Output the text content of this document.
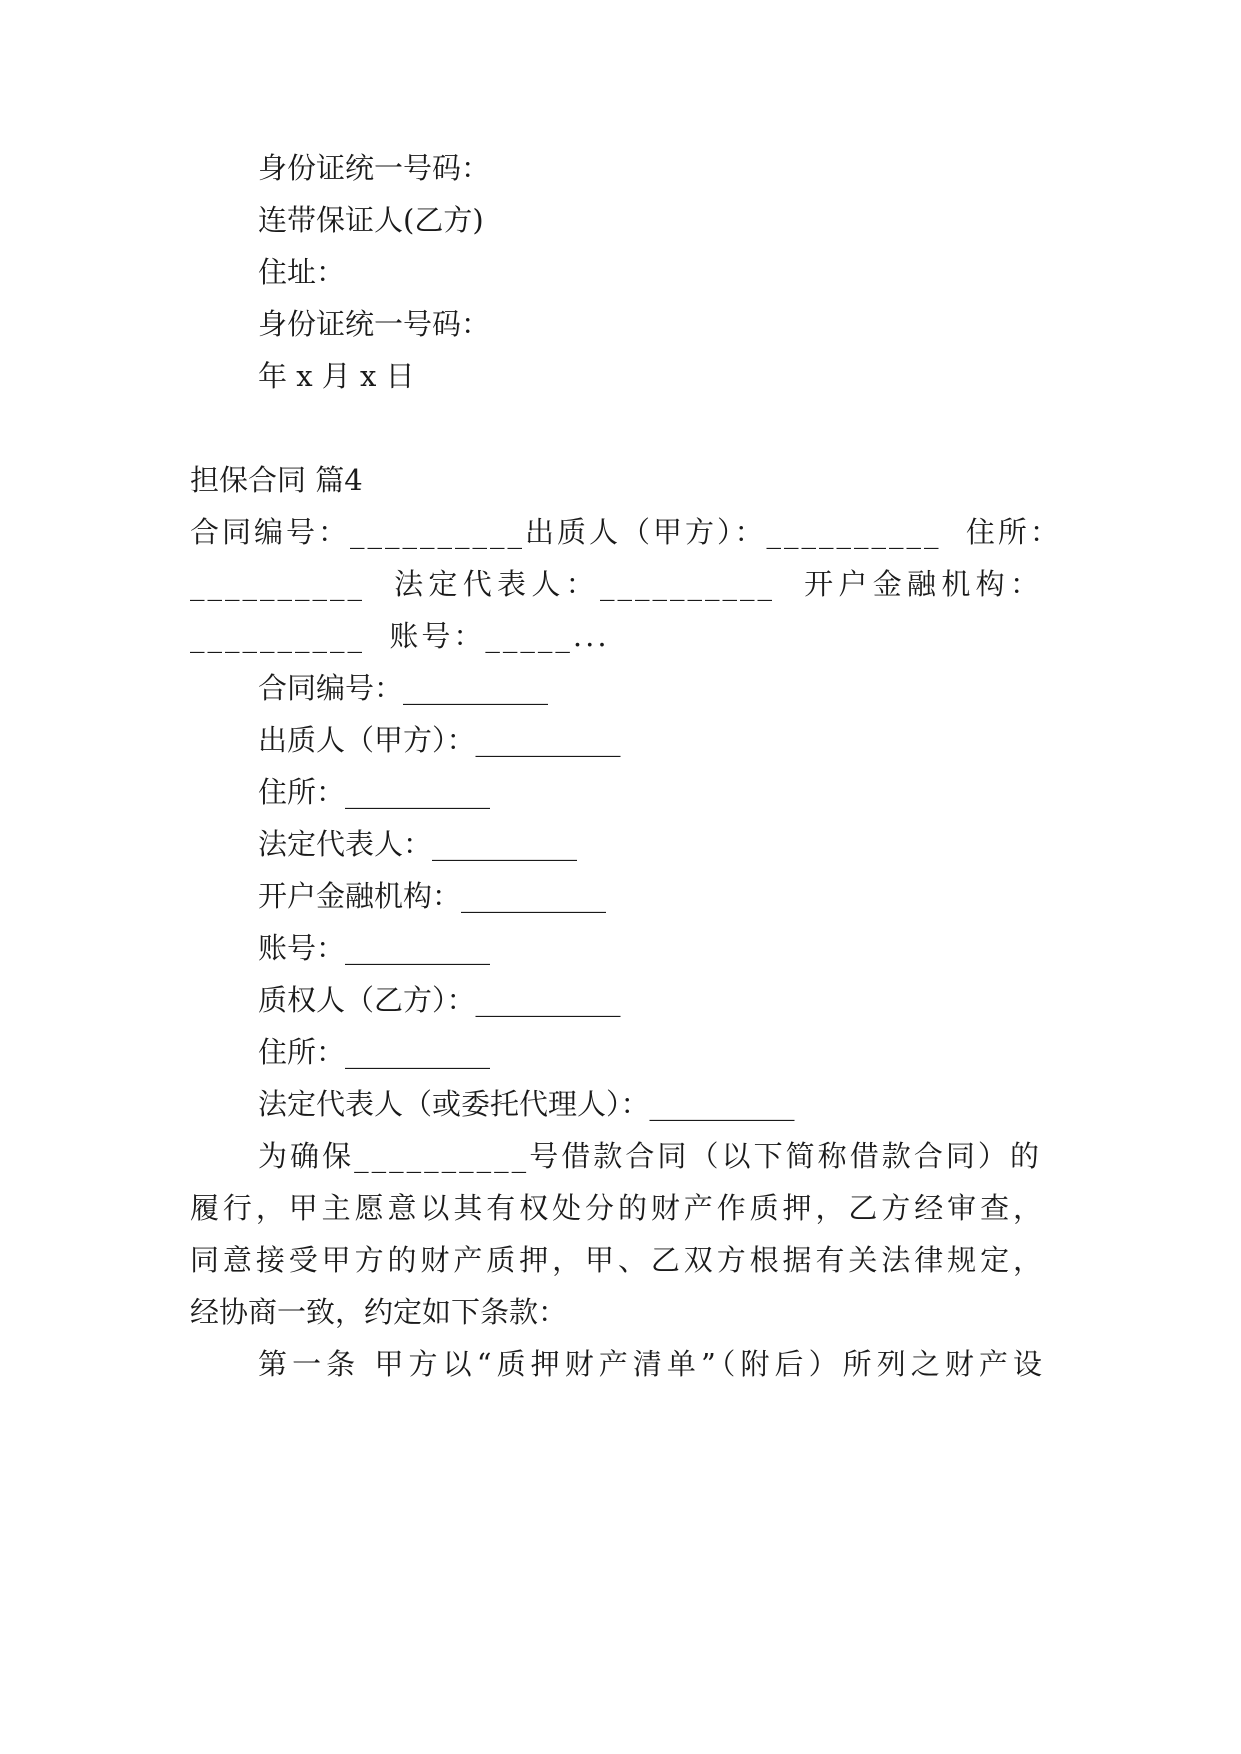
身份证统一号码：
连带保证人(乙方)
住址：
身份证统一号码：
年 x 月 x 日
担保合同 篇4
合同编号：__________出质人（甲方）：__________  住所：
__________  法定代表人：__________  开户金融机构：
__________  账号：_____...
合同编号：__________
出质人（甲方）：__________
住所：__________
法定代表人：__________
开户金融机构：__________
账号：__________
质权人（乙方）：__________
住所：__________
法定代表人（或委托代理人）：__________
为确保__________号借款合同（以下简称借款合同）的
履行，甲主愿意以其有权处分的财产作质押，乙方经审查，
同意接受甲方的财产质押，甲、乙双方根据有关法律规定，
经协商一致，约定如下条款：
第一条 甲方以“质押财产清单”（附后）所列之财产设
